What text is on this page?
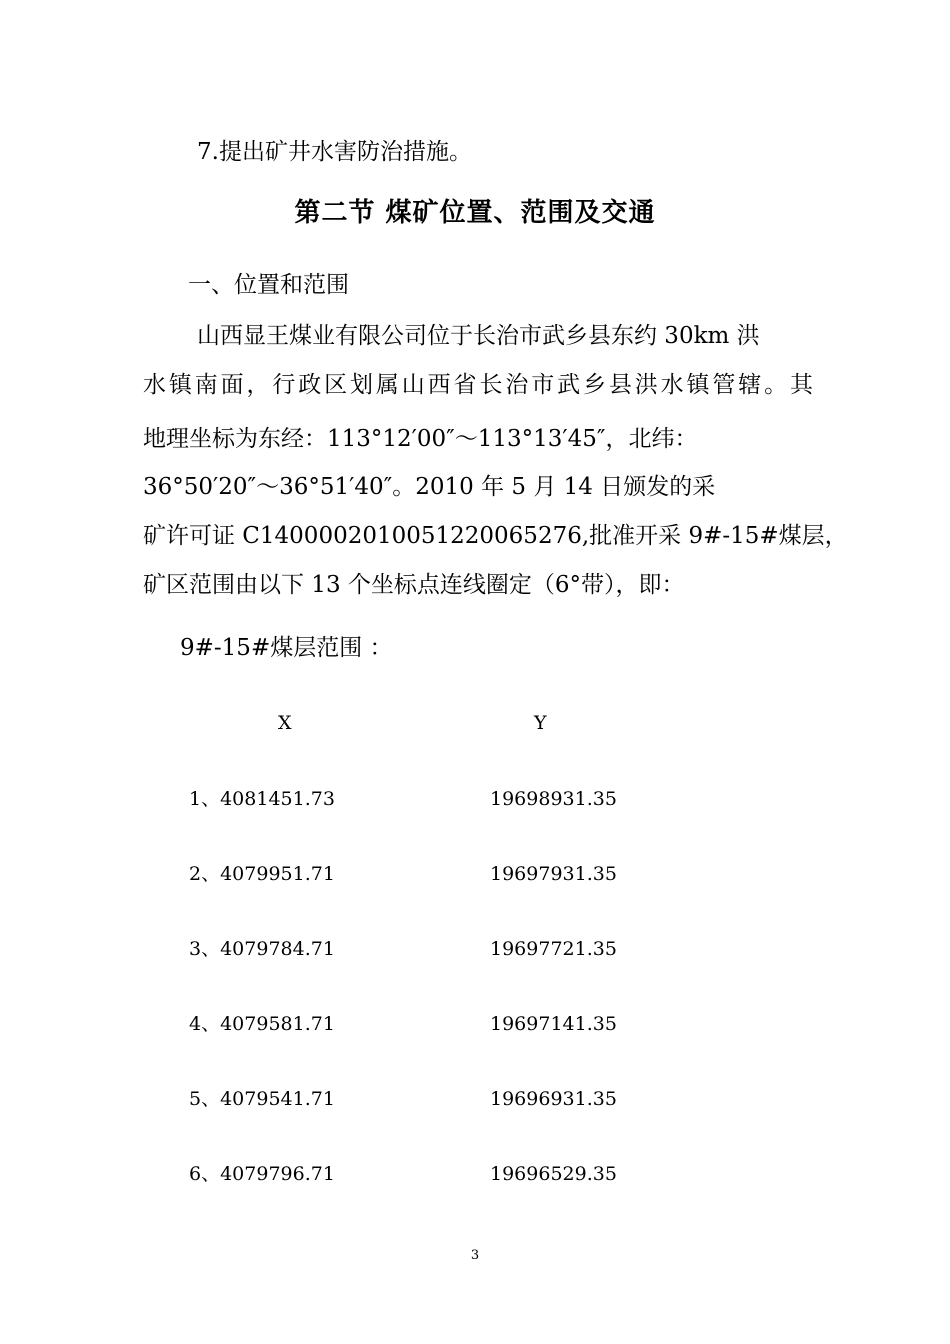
7.提出矿井水害防治措施。
第二节 煤矿位置、范围及交通
一、位置和范围
山西显王煤业有限公司位于长治市武乡县东约 30km 洪
水镇南面，行政区划属山西省长治市武乡县洪水镇管辖。其
地理坐标为东经：113°12′00″～113°13′45″，北纬：
36°50′20″～36°51′40″。2010 年 5 月 14 日颁发的采
矿许可证 C1400002010051220065276,批准开采 9#-15#煤层，
矿区范围由以下 13 个坐标点连线圈定（6°带），即：
9#-15#煤层范围 ：
X	Y
1、4081451.73	19698931.35
2、4079951.71	19697931.35
3、4079784.71	19697721.35
4、4079581.71	19697141.35
5、4079541.71	19696931.35
6、4079796.71	19696529.35
3
